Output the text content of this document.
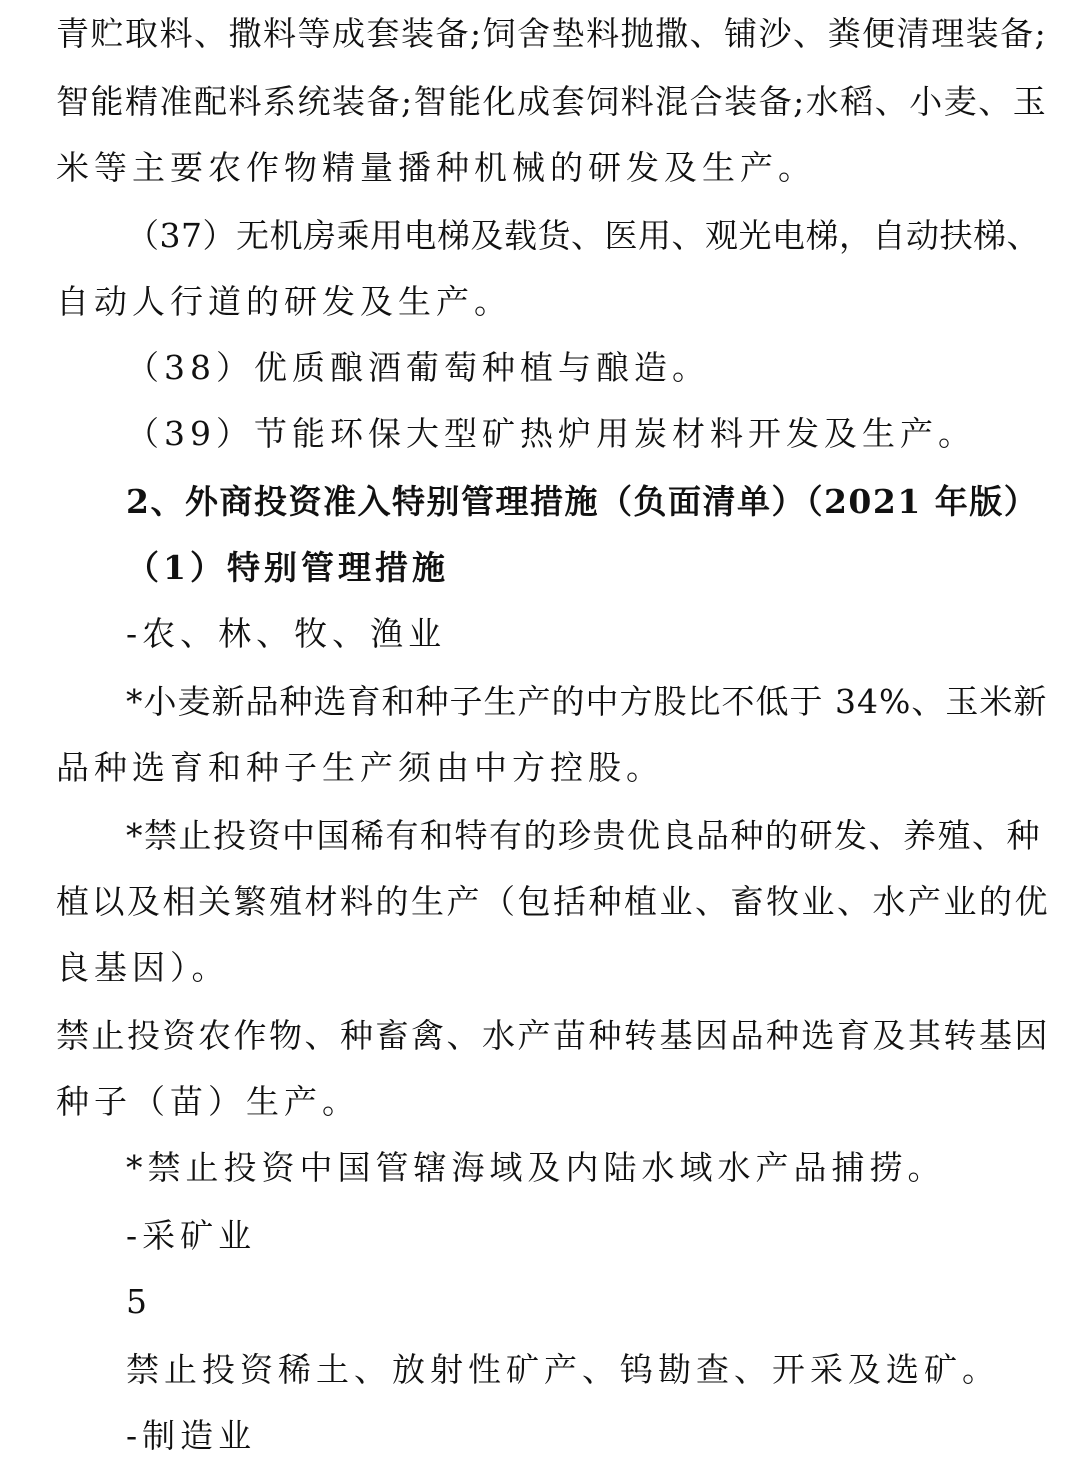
青贮取料、撒料等成套装备;饲舍垫料抛撒、铺沙、粪便清理装备;
智能精准配料系统装备;智能化成套饲料混合装备;水稻、小麦、玉
米等主要农作物精量播种机械的研发及生产。
（37）无机房乘用电梯及载货、医用、观光电梯，自动扶梯、
自动人行道的研发及生产。
（38）优质酿酒葡萄种植与酿造。
（39）节能环保大型矿热炉用炭材料开发及生产。
2、外商投资准入特别管理措施（负面清单）（2021 年版）
（1）特别管理措施
-农、林、牧、渔业
*小麦新品种选育和种子生产的中方股比不低于 34%、玉米新
品种选育和种子生产须由中方控股。
*禁止投资中国稀有和特有的珍贵优良品种的研发、养殖、种
植以及相关繁殖材料的生产（包括种植业、畜牧业、水产业的优
良基因）。
禁止投资农作物、种畜禽、水产苗种转基因品种选育及其转基因
种子（苗）生产。
*禁止投资中国管辖海域及内陆水域水产品捕捞。
-采矿业
5
禁止投资稀土、放射性矿产、钨勘查、开采及选矿。
-制造业
